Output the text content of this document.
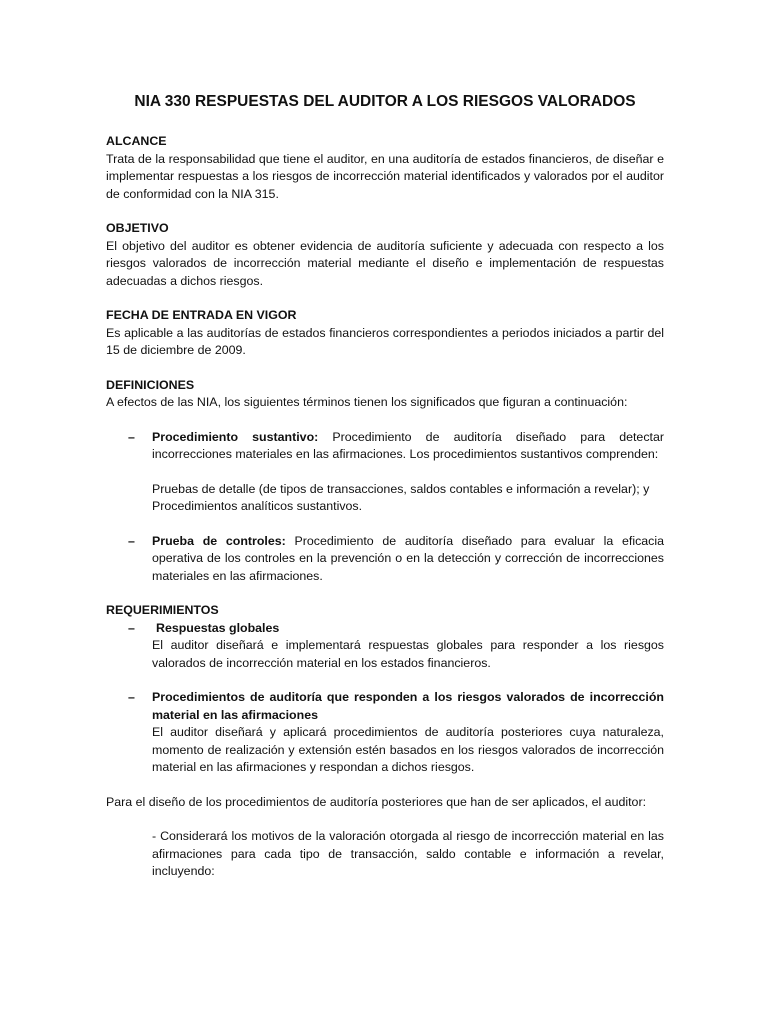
NIA 330 RESPUESTAS DEL AUDITOR A LOS RIESGOS VALORADOS

ALCANCE

Trata de la responsabilidad que tiene el auditor, en una auditoría de estados financieros, de diseñar e implementar respuestas a los riesgos de incorrección material identificados y valorados por el auditor de conformidad con la NIA 315.

OBJETIVO

El objetivo del auditor es obtener evidencia de auditoría suficiente y adecuada con respecto a los riesgos valorados de incorrección material mediante el diseño e implementación de respuestas adecuadas a dichos riesgos.

FECHA DE ENTRADA EN VIGOR

Es aplicable a las auditorías de estados financieros correspondientes a periodos iniciados a partir del 15 de diciembre de 2009.

DEFINICIONES

A efectos de las NIA, los siguientes términos tienen los significados que figuran a continuación:

– Procedimiento sustantivo: Procedimiento de auditoría diseñado para detectar incorrecciones materiales en las afirmaciones. Los procedimientos sustantivos comprenden:

Pruebas de detalle (de tipos de transacciones, saldos contables e información a revelar); y

Procedimientos analíticos sustantivos.

– Prueba de controles: Procedimiento de auditoría diseñado para evaluar la eficacia operativa de los controles en la prevención o en la detección y corrección de incorrecciones materiales en las afirmaciones.

REQUERIMIENTOS

–	Respuestas globales

El auditor diseñará e implementará respuestas globales para responder a los riesgos valorados de incorrección material en los estados financieros.

– Procedimientos de auditoría que responden a los riesgos valorados de incorrección material en las afirmaciones

El auditor diseñará y aplicará procedimientos de auditoría posteriores cuya naturaleza, momento de realización y extensión estén basados en los riesgos valorados de incorrección material en las afirmaciones y respondan a dichos riesgos.

Para el diseño de los procedimientos de auditoría posteriores que han de ser aplicados, el auditor:

- Considerará los motivos de la valoración otorgada al riesgo de incorrección material en las afirmaciones para cada tipo de transacción, saldo contable e información a revelar, incluyendo:
